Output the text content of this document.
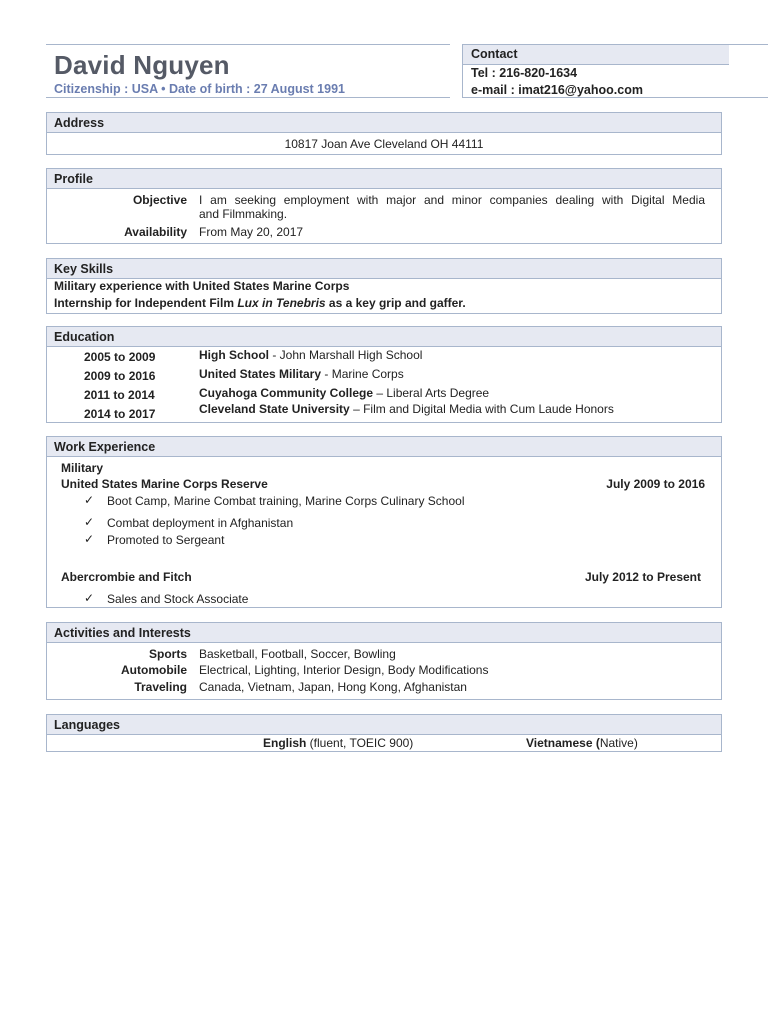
David Nguyen
Citizenship : USA • Date of birth : 27 August 1991
Contact
Tel : 216-820-1634
e-mail : imat216@yahoo.com
Address
10817 Joan Ave Cleveland OH 44111
Profile
Objective I am seeking employment with major and minor companies dealing with Digital Media
and Filmmaking.
Availability From May 20, 2017
Key Skills
Military experience with United States Marine Corps
Internship for Independent Film Lux in Tenebris as a key grip and gaffer.
Education
2005 to 2009	High School - John Marshall High School
2009 to 2016	United States Military - Marine Corps
2011 to 2014	Cuyahoga Community College – Liberal Arts Degree
2014 to 2017	Cleveland State University – Film and Digital Media with Cum Laude Honors
Work Experience
Military
United States Marine Corps Reserve	July 2009 to 2016
✓ Boot Camp, Marine Combat training, Marine Corps Culinary School
✓ Combat deployment in Afghanistan
✓ Promoted to Sergeant
Abercrombie and Fitch	July 2012 to Present
✓ Sales and Stock Associate
Activities and Interests
Sports Basketball, Football, Soccer, Bowling
Automobile Electrical, Lighting, Interior Design, Body Modifications
Traveling Canada, Vietnam, Japan, Hong Kong, Afghanistan
Languages
English (fluent, TOEIC 900)	Vietnamese (Native)
